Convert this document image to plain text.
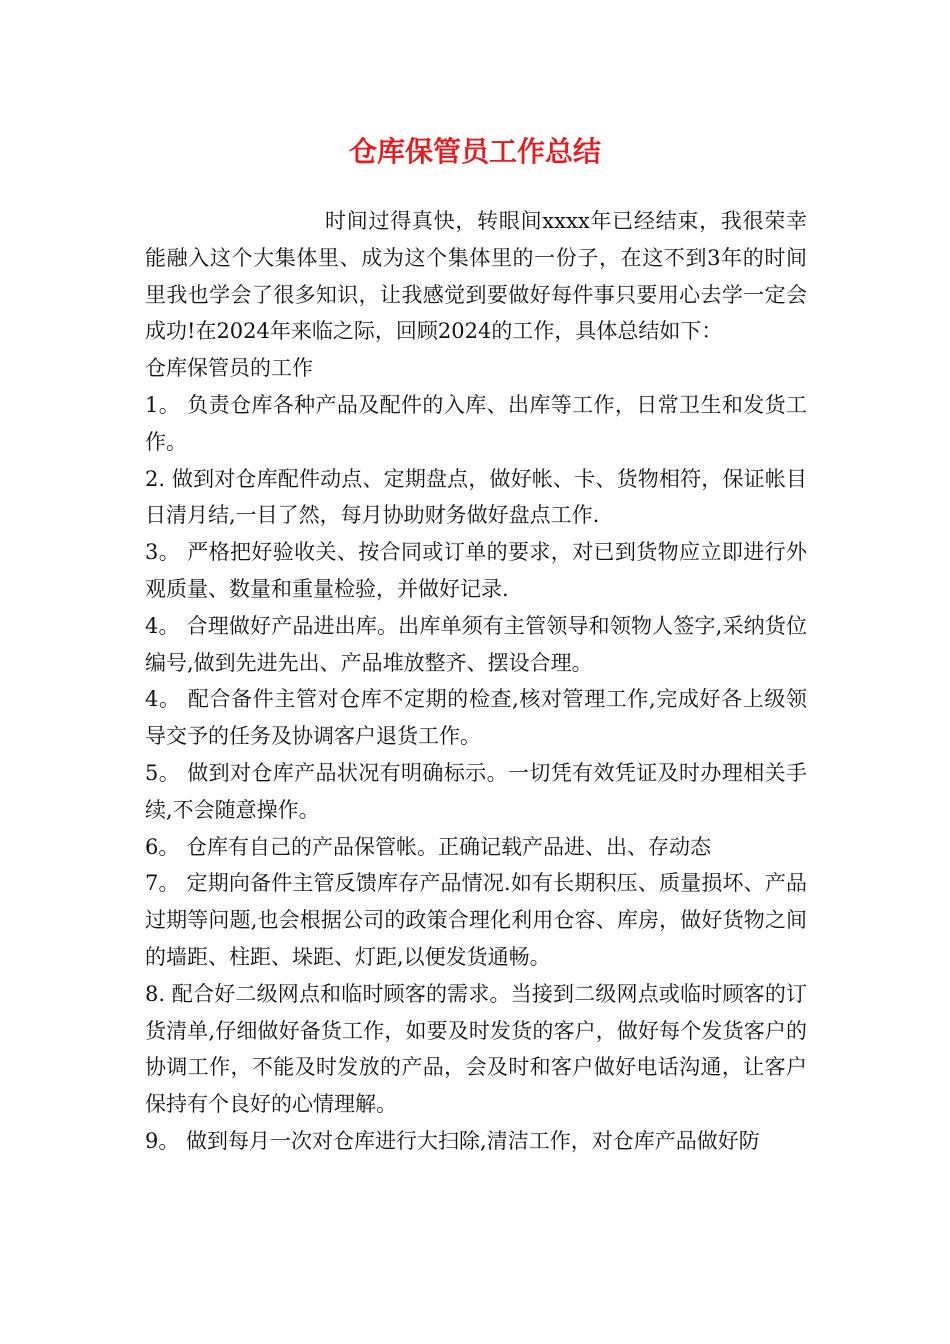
仓库保管员工作总结

时间过得真快，转眼间xxxx年已经结束，我很荣幸能融入这个大集体里、成为这个集体里的一份子，在这不到3年的时间里我也学会了很多知识，让我感觉到要做好每件事只要用心去学一定会成功!在2024年来临之际，回顾2024的工作，具体总结如下：

仓库保管员的工作

1。 负责仓库各种产品及配件的入库、出库等工作，日常卫生和发货工作。

2. 做到对仓库配件动点、定期盘点，做好帐、卡、货物相符，保证帐目日清月结,一目了然，每月协助财务做好盘点工作.

3。 严格把好验收关、按合同或订单的要求，对已到货物应立即进行外观质量、数量和重量检验，并做好记录.

4。 合理做好产品进出库。出库单须有主管领导和领物人签字,采纳货位编号,做到先进先出、产品堆放整齐、摆设合理。

4。 配合备件主管对仓库不定期的检查,核对管理工作,完成好各上级领导交予的任务及协调客户退货工作。

5。 做到对仓库产品状况有明确标示。一切凭有效凭证及时办理相关手续,不会随意操作。

6。 仓库有自己的产品保管帐。正确记载产品进、出、存动态

7。 定期向备件主管反馈库存产品情况.如有长期积压、质量损坏、产品过期等问题,也会根据公司的政策合理化利用仓容、库房，做好货物之间的墙距、柱距、垛距、灯距,以便发货通畅。

8. 配合好二级网点和临时顾客的需求。当接到二级网点或临时顾客的订货清单,仔细做好备货工作，如要及时发货的客户，做好每个发货客户的协调工作，不能及时发放的产品，会及时和客户做好电话沟通，让客户保持有个良好的心情理解。

9。 做到每月一次对仓库进行大扫除,清洁工作，对仓库产品做好防
